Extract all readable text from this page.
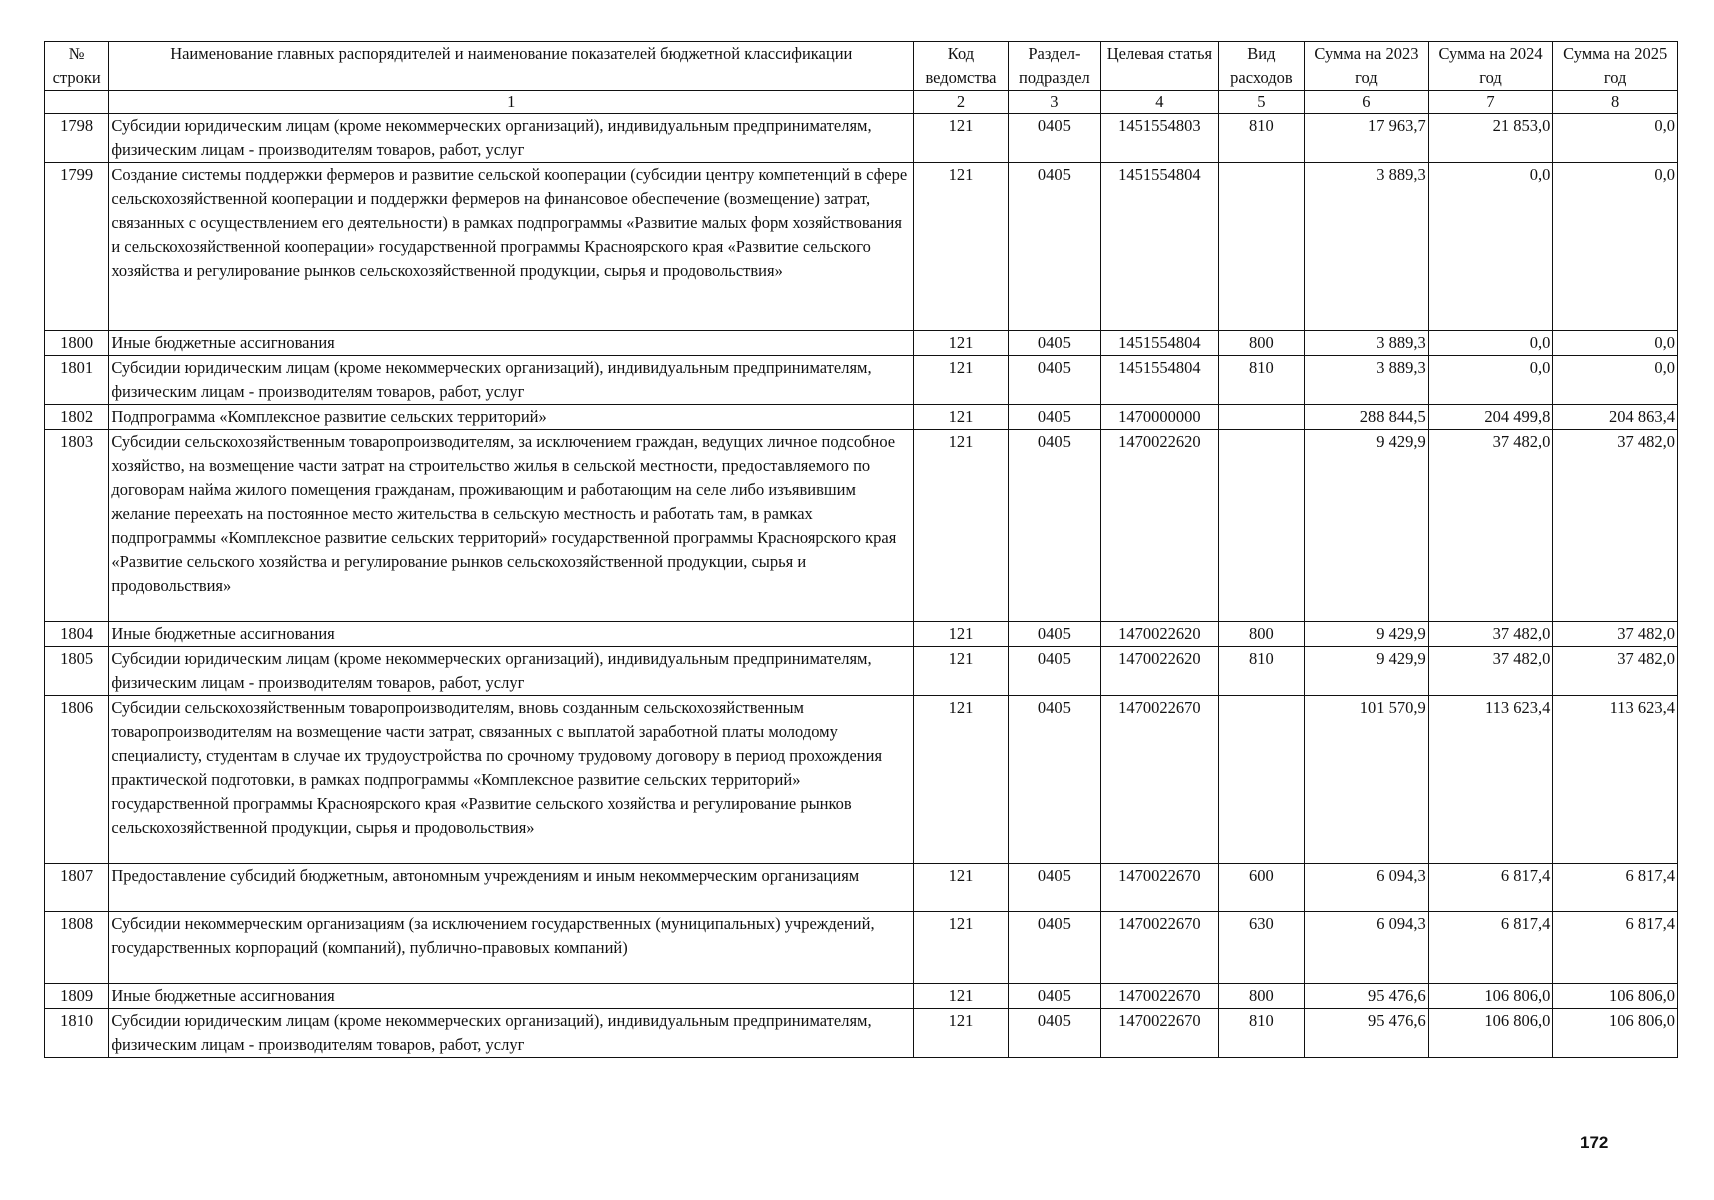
№ строки	Наименование главных распорядителей и наименование показателей бюджетной классификации	Код ведомства	Раздел-подраздел	Целевая статья	Вид расходов	Сумма на 2023 год	Сумма на 2024 год	Сумма на 2025 год
	1	2	3	4	5	6	7	8
1798	Субсидии юридическим лицам (кроме некоммерческих организаций), индивидуальным предпринимателям, физическим лицам - производителям товаров, работ, услуг	121	0405	1451554803	810	17 963,7	21 853,0	0,0
1799	Создание системы поддержки фермеров и развитие сельской кооперации (субсидии центру компетенций в сфере сельскохозяйственной кооперации и поддержки фермеров на финансовое обеспечение (возмещение) затрат, связанных с осуществлением его деятельности) в рамках подпрограммы «Развитие малых форм хозяйствования и сельскохозяйственной кооперации» государственной программы Красноярского края «Развитие сельского хозяйства и регулирование рынков сельскохозяйственной продукции, сырья и продовольствия»	121	0405	1451554804		3 889,3	0,0	0,0
1800	Иные бюджетные ассигнования	121	0405	1451554804	800	3 889,3	0,0	0,0
1801	Субсидии юридическим лицам (кроме некоммерческих организаций), индивидуальным предпринимателям, физическим лицам - производителям товаров, работ, услуг	121	0405	1451554804	810	3 889,3	0,0	0,0
1802	Подпрограмма «Комплексное развитие сельских территорий»	121	0405	1470000000		288 844,5	204 499,8	204 863,4
1803	Субсидии сельскохозяйственным товаропроизводителям, за исключением граждан, ведущих личное подсобное хозяйство, на возмещение части затрат на строительство жилья в сельской местности, предоставляемого по договорам найма жилого помещения гражданам, проживающим и работающим на селе либо изъявившим желание переехать на постоянное место жительства в сельскую местность и работать там, в рамках подпрограммы «Комплексное развитие сельских территорий» государственной программы Красноярского края «Развитие сельского хозяйства и регулирование рынков сельскохозяйственной продукции, сырья и продовольствия»	121	0405	1470022620		9 429,9	37 482,0	37 482,0
1804	Иные бюджетные ассигнования	121	0405	1470022620	800	9 429,9	37 482,0	37 482,0
1805	Субсидии юридическим лицам (кроме некоммерческих организаций), индивидуальным предпринимателям, физическим лицам - производителям товаров, работ, услуг	121	0405	1470022620	810	9 429,9	37 482,0	37 482,0
1806	Субсидии сельскохозяйственным товаропроизводителям, вновь созданным сельскохозяйственным товаропроизводителям на возмещение части затрат, связанных с выплатой заработной платы молодому специалисту, студентам в случае их трудоустройства по срочному трудовому договору в период прохождения практической подготовки, в рамках подпрограммы «Комплексное развитие сельских территорий» государственной программы Красноярского края «Развитие сельского хозяйства и регулирование рынков сельскохозяйственной продукции, сырья и продовольствия»	121	0405	1470022670		101 570,9	113 623,4	113 623,4
1807	Предоставление субсидий бюджетным, автономным учреждениям и иным некоммерческим организациям	121	0405	1470022670	600	6 094,3	6 817,4	6 817,4
1808	Субсидии некоммерческим организациям (за исключением государственных (муниципальных) учреждений, государственных корпораций (компаний), публично-правовых компаний)	121	0405	1470022670	630	6 094,3	6 817,4	6 817,4
1809	Иные бюджетные ассигнования	121	0405	1470022670	800	95 476,6	106 806,0	106 806,0
1810	Субсидии юридическим лицам (кроме некоммерческих организаций), индивидуальным предпринимателям, физическим лицам - производителям товаров, работ, услуг	121	0405	1470022670	810	95 476,6	106 806,0	106 806,0
172
